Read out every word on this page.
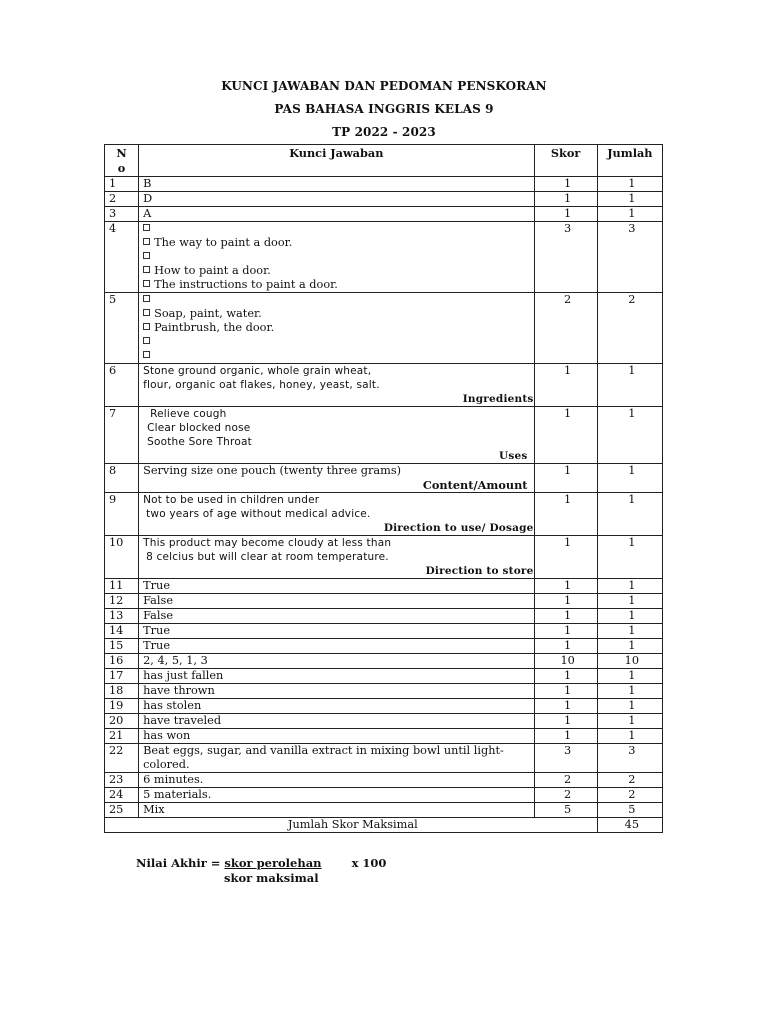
KUNCI JAWABAN DAN PEDOMAN PENSKORAN
PAS BAHASA INGGRIS KELAS 9
TP 2022 - 2023
N
o	Kunci Jawaban	Skor	Jumlah
1	B	1	1
2	D	1	1
3	A	1	1
4	The way to paint a door.
How to paint a door.
The instructions to paint a door.	3	3
5	Soap, paint, water.
Paintbrush, the door.	2	2
6	Stone ground organic, whole grain wheat,
flour, organic oat flakes, honey, yeast, salt.
Ingredients	1	1
7	Relieve cough
Clear blocked nose
Soothe Sore Throat
Uses	1	1
8	Serving size one pouch (twenty three grams)
Content/Amount	1	1
9	Not to be used in children under
two years of age without medical advice.
Direction to use/ Dosage	1	1
10	This product may become cloudy at less than
8 celcius but will clear at room temperature.
Direction to store	1	1
11	True	1	1
12	False	1	1
13	False	1	1
14	True	1	1
15	True	1	1
16	2, 4, 5, 1, 3	10	10
17	has just fallen	1	1
18	have thrown	1	1
19	has stolen	1	1
20	have traveled	1	1
21	has won	1	1
22	Beat eggs, sugar, and vanilla extract in mixing bowl until light-
colored.	3	3
23	6 minutes.	2	2
24	5 materials.	2	2
25	Mix	5	5
Jumlah Skor Maksimal			45
Nilai Akhir = skor perolehan	x 100
skor maksimal
